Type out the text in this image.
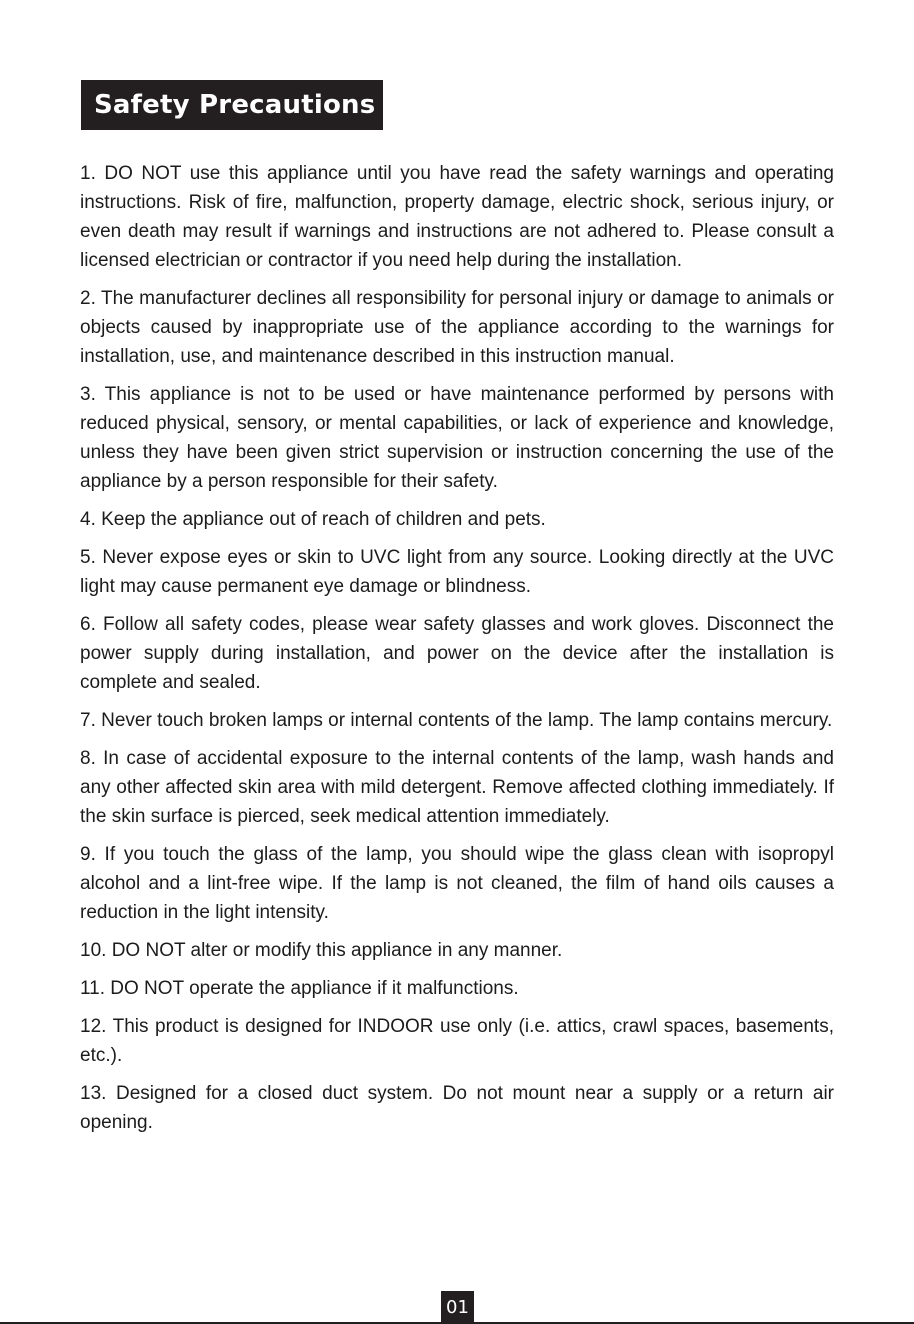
Safety Precautions

1. DO NOT use this appliance until you have read the safety warnings and operating instructions. Risk of fire, malfunction, property damage, electric shock, serious injury, or even death may result if warnings and instructions are not adhered to. Please consult a licensed electrician or contractor if you need help during the installation.

2. The manufacturer declines all responsibility for personal injury or damage to animals or objects caused by inappropriate use of the appliance according to the warnings for installation, use, and maintenance described in this instruction manual.

3. This appliance is not to be used or have maintenance performed by persons with reduced physical, sensory, or mental capabilities, or lack of experience and knowledge, unless they have been given strict supervision or instruction concerning the use of the appliance by a person responsible for their safety.

4. Keep the appliance out of reach of children and pets.

5. Never expose eyes or skin to UVC light from any source. Looking directly at the UVC light may cause permanent eye damage or blindness.

6. Follow all safety codes, please wear safety glasses and work gloves. Disconnect the power supply during installation, and power on the device after the installation is complete and sealed.

7. Never touch broken lamps or internal contents of the lamp. The lamp contains mercury.

8. In case of accidental exposure to the internal contents of the lamp, wash hands and any other affected skin area with mild detergent. Remove affected clothing immediately. If the skin surface is pierced, seek medical attention immediately.

9. If you touch the glass of the lamp, you should wipe the glass clean with isopropyl alcohol and a lint-free wipe. If the lamp is not cleaned, the film of hand oils causes a reduction in the light intensity.

10. DO NOT alter or modify this appliance in any manner.

11. DO NOT operate the appliance if it malfunctions.

12. This product is designed for INDOOR use only (i.e. attics, crawl spaces, basements, etc.).

13. Designed for a closed duct system. Do not mount near a supply or a return air opening.

01
